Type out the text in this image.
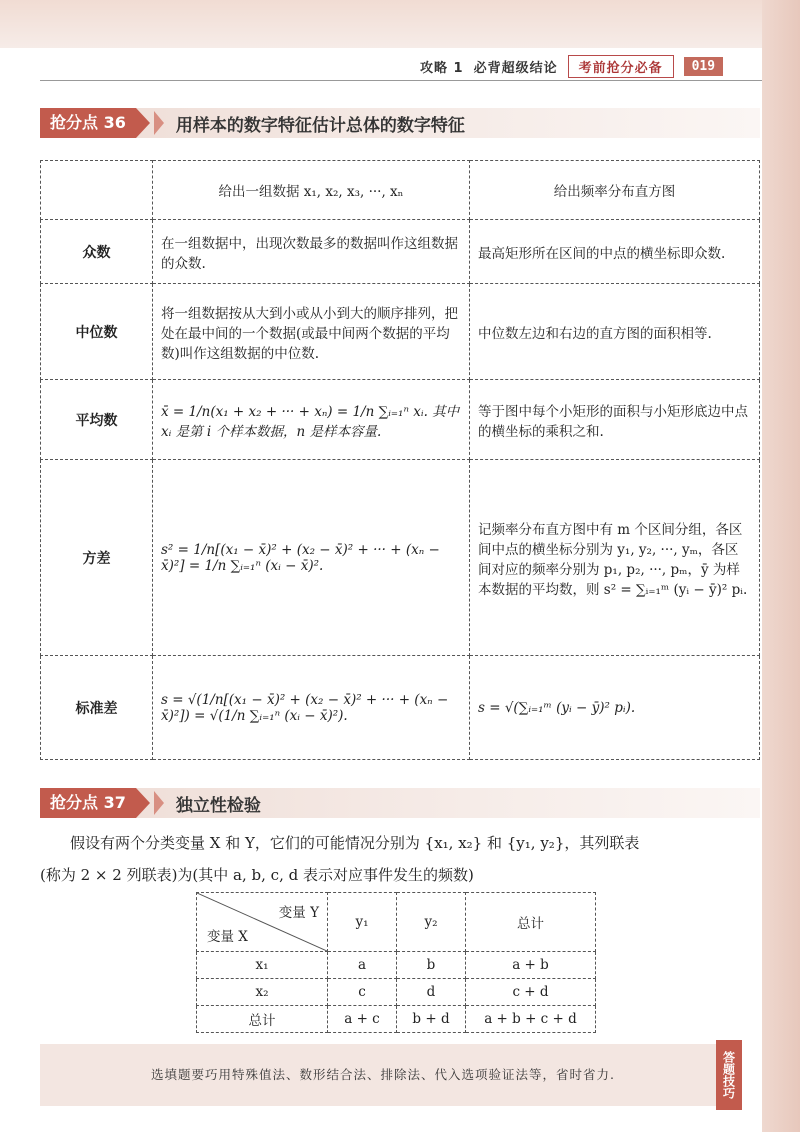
攻略 1 必背超级结论	考前抢分必备	019
抢分点 36	用样本的数字特征估计总体的数字特征
	给出一组数据 x₁, x₂, x₃, ···, xₙ	给出频率分布直方图
众数	在一组数据中，出现次数最多的数据叫作这组数据的众数.	最高矩形所在区间的中点的横坐标即众数.
中位数	将一组数据按从大到小或从小到大的顺序排列，把处在最中间的一个数据(或最中间两个数据的平均数)叫作这组数据的中位数.	中位数左边和右边的直方图的面积相等.
平均数	x̄ = 1/n(x₁ + x₂ + ··· + xₙ) = 1/n ∑ᵢ₌₁ⁿ xᵢ. 其中 xᵢ 是第 i 个样本数据，n 是样本容量.	等于图中每个小矩形的面积与小矩形底边中点的横坐标的乘积之和.
方差	s² = 1/n[(x₁ − x̄)² + (x₂ − x̄)² + ··· + (xₙ − x̄)²] = 1/n ∑ᵢ₌₁ⁿ (xᵢ − x̄)².	记频率分布直方图中有 m 个区间分组，各区间中点的横坐标分别为 y₁, y₂, ···, yₘ，各区间对应的频率分别为 p₁, p₂, ···, pₘ，ȳ 为样本数据的平均数，则 s² = ∑ᵢ₌₁ᵐ (yᵢ − ȳ)² pᵢ.
标准差	s = √(1/n[(x₁ − x̄)² + (x₂ − x̄)² + ··· + (xₙ − x̄)²]) = √(1/n ∑ᵢ₌₁ⁿ (xᵢ − x̄)²).	s = √(∑ᵢ₌₁ᵐ (yᵢ − ȳ)² pᵢ).
抢分点 37	独立性检验
假设有两个分类变量 X 和 Y，它们的可能情况分别为 {x₁, x₂} 和 {y₁, y₂}，其列联表
(称为 2 × 2 列联表)为(其中 a, b, c, d 表示对应事件发生的频数)
变量 Y
变量 X	y₁	y₂	总计
x₁	a	b	a + b
x₂	c	d	c + d
总计	a + c	b + d	a + b + c + d
选填题要巧用特殊值法、数形结合法、排除法、代入选项验证法等，省时省力.	答题技巧
